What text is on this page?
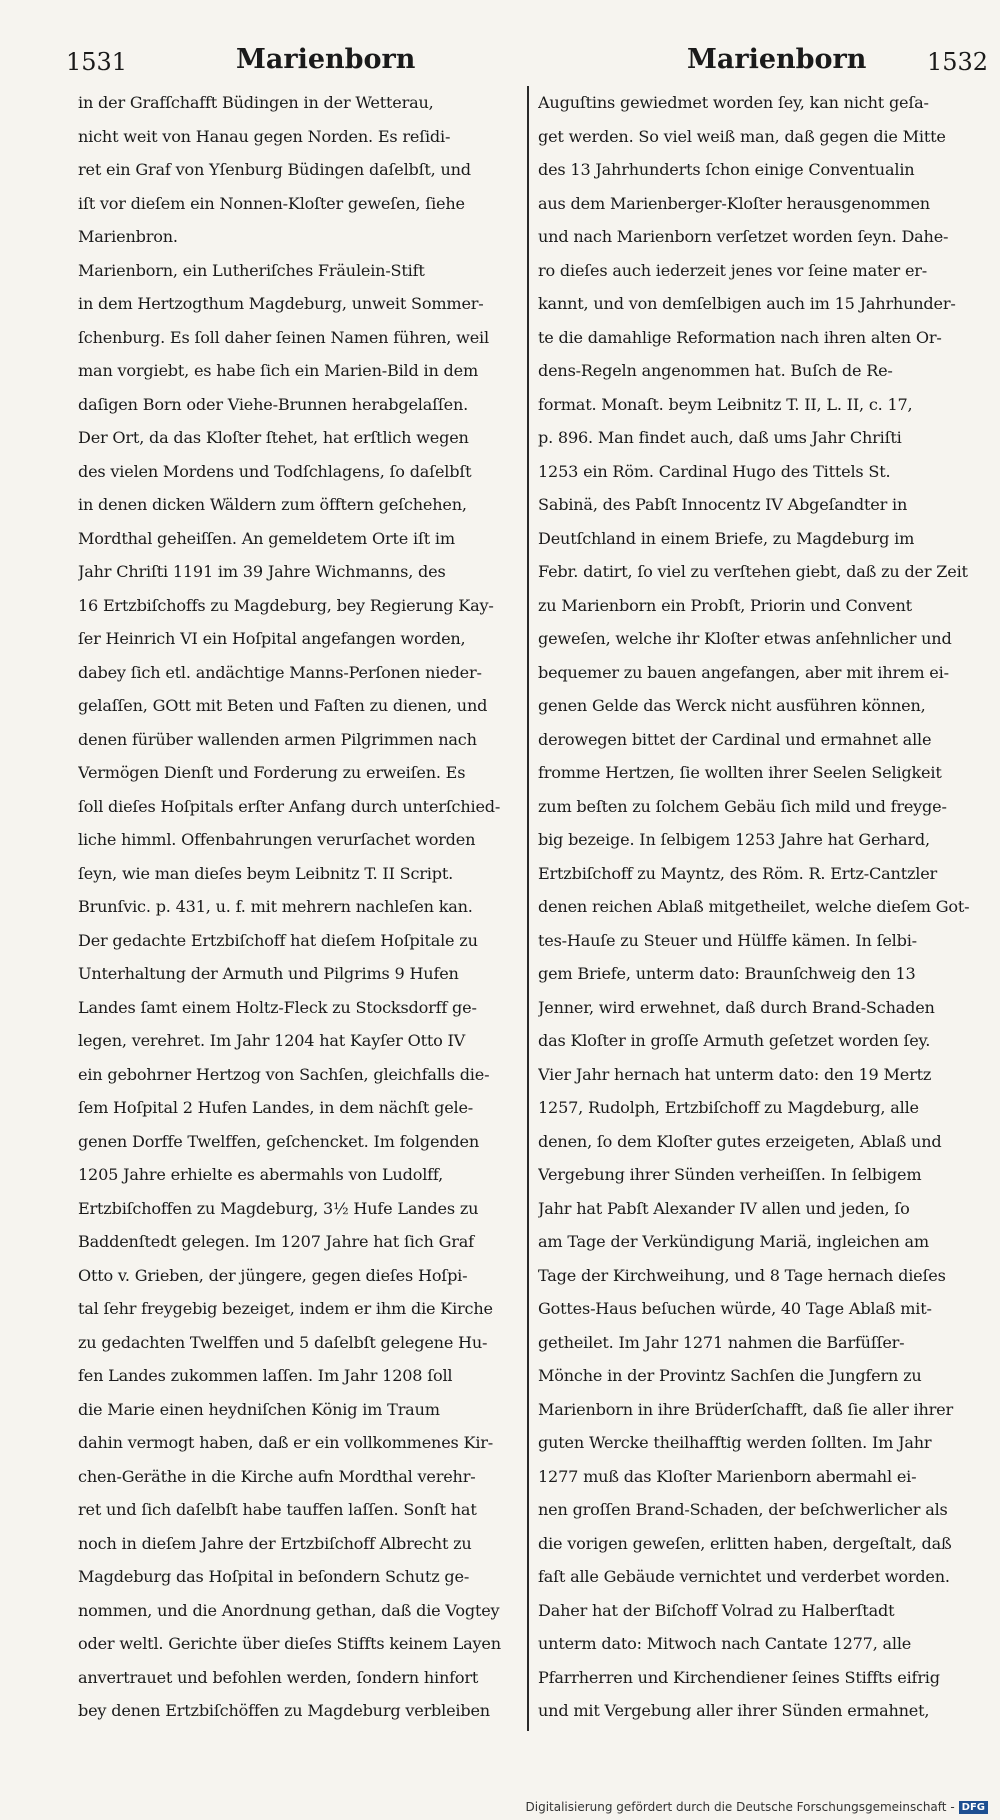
1531	Marienborn	Marienborn	1532
in der Grafſchafft Büdingen in der Wetterau,
nicht weit von Hanau gegen Norden. Es reſidi-
ret ein Graf von Yſenburg Büdingen daſelbſt, und
iſt vor dieſem ein Nonnen-Kloſter geweſen, ſiehe
Marienbron.
Marienborn, ein Lutheriſches Fräulein-Stift
in dem Hertzogthum Magdeburg, unweit Sommer-
ſchenburg. Es ſoll daher ſeinen Namen führen, weil
man vorgiebt, es habe ſich ein Marien-Bild in dem
daſigen Born oder Viehe-Brunnen herabgelaſſen.
Der Ort, da das Kloſter ſtehet, hat erſtlich wegen
des vielen Mordens und Todſchlagens, ſo daſelbſt
in denen dicken Wäldern zum öfftern geſchehen,
Mordthal geheiſſen. An gemeldetem Orte iſt im
Jahr Chriſti 1191 im 39 Jahre Wichmanns, des
16 Ertzbiſchoffs zu Magdeburg, bey Regierung Kay-
ſer Heinrich VI ein Hoſpital angefangen worden,
dabey ſich etl. andächtige Manns-Perſonen nieder-
gelaſſen, GOtt mit Beten und Faſten zu dienen, und
denen fürüber wallenden armen Pilgrimmen nach
Vermögen Dienſt und Forderung zu erweiſen. Es
ſoll dieſes Hoſpitals erſter Anfang durch unterſchied-
liche himml. Offenbahrungen verurſachet worden
ſeyn, wie man dieſes beym Leibnitz T. II Script.
Brunſvic. p. 431, u. f. mit mehrern nachleſen kan.
Der gedachte Ertzbiſchoff hat dieſem Hoſpitale zu
Unterhaltung der Armuth und Pilgrims 9 Hufen
Landes ſamt einem Holtz-Fleck zu Stocksdorff ge-
legen, verehret. Im Jahr 1204 hat Kayſer Otto IV
ein gebohrner Hertzog von Sachſen, gleichfalls die-
ſem Hoſpital 2 Hufen Landes, in dem nächſt gele-
genen Dorffe Twelffen, geſchencket. Im folgenden
1205 Jahre erhielte es abermahls von Ludolff,
Ertzbiſchoffen zu Magdeburg, 3½ Hufe Landes zu
Baddenſtedt gelegen. Im 1207 Jahre hat ſich Graf
Otto v. Grieben, der jüngere, gegen dieſes Hoſpi-
tal ſehr freygebig bezeiget, indem er ihm die Kirche
zu gedachten Twelffen und 5 daſelbſt gelegene Hu-
fen Landes zukommen laſſen. Im Jahr 1208 ſoll
die Marie einen heydniſchen König im Traum
dahin vermogt haben, daß er ein vollkommenes Kir-
chen-Geräthe in die Kirche aufn Mordthal verehr-
ret und ſich daſelbſt habe tauffen laſſen. Sonſt hat
noch in dieſem Jahre der Ertzbiſchoff Albrecht zu
Magdeburg das Hoſpital in beſondern Schutz ge-
nommen, und die Anordnung gethan, daß die Vogtey
oder weltl. Gerichte über dieſes Stiffts keinem Layen
anvertrauet und befohlen werden, ſondern hinfort
bey denen Ertzbiſchöffen zu Magdeburg verbleiben
Auguſtins gewiedmet worden ſey, kan nicht geſa-
get werden. So viel weiß man, daß gegen die Mitte
des 13 Jahrhunderts ſchon einige Conventualin
aus dem Marienberger-Kloſter herausgenommen
und nach Marienborn verſetzet worden ſeyn. Dahe-
ro dieſes auch iederzeit jenes vor ſeine mater er-
kannt, und von demſelbigen auch im 15 Jahrhunder-
te die damahlige Reformation nach ihren alten Or-
dens-Regeln angenommen hat. Buſch de Re-
format. Monaſt. beym Leibnitz T. II, L. II, c. 17,
p. 896. Man findet auch, daß ums Jahr Chriſti
1253 ein Röm. Cardinal Hugo des Tittels St.
Sabinä, des Pabſt Innocentz IV Abgeſandter in
Deutſchland in einem Briefe, zu Magdeburg im
Febr. datirt, ſo viel zu verſtehen giebt, daß zu der Zeit
zu Marienborn ein Probſt, Priorin und Convent
geweſen, welche ihr Kloſter etwas anſehnlicher und
bequemer zu bauen angefangen, aber mit ihrem ei-
genen Gelde das Werck nicht ausführen können,
derowegen bittet der Cardinal und ermahnet alle
fromme Hertzen, ſie wollten ihrer Seelen Seligkeit
zum beſten zu ſolchem Gebäu ſich mild und freyge-
big bezeige. In ſelbigem 1253 Jahre hat Gerhard,
Ertzbiſchoff zu Mayntz, des Röm. R. Ertz-Cantzler
denen reichen Ablaß mitgetheilet, welche dieſem Got-
tes-Hauſe zu Steuer und Hülffe kämen. In ſelbi-
gem Briefe, unterm dato: Braunſchweig den 13
Jenner, wird erwehnet, daß durch Brand-Schaden
das Kloſter in groſſe Armuth geſetzet worden ſey.
Vier Jahr hernach hat unterm dato: den 19 Mertz
1257, Rudolph, Ertzbiſchoff zu Magdeburg, alle
denen, ſo dem Kloſter gutes erzeigeten, Ablaß und
Vergebung ihrer Sünden verheiſſen. In ſelbigem
Jahr hat Pabſt Alexander IV allen und jeden, ſo
am Tage der Verkündigung Mariä, ingleichen am
Tage der Kirchweihung, und 8 Tage hernach dieſes
Gottes-Haus beſuchen würde, 40 Tage Ablaß mit-
getheilet. Im Jahr 1271 nahmen die Barfüſſer-
Mönche in der Provintz Sachſen die Jungfern zu
Marienborn in ihre Brüderſchafft, daß ſie aller ihrer
guten Wercke theilhafftig werden ſollten. Im Jahr
1277 muß das Kloſter Marienborn abermahl ei-
nen groſſen Brand-Schaden, der beſchwerlicher als
die vorigen geweſen, erlitten haben, dergeſtalt, daß
faſt alle Gebäude vernichtet und verderbet worden.
Daher hat der Biſchoff Volrad zu Halberſtadt
unterm dato: Mitwoch nach Cantate 1277, alle
Pfarrherren und Kirchendiener ſeines Stiffts eifrig
und mit Vergebung aller ihrer Sünden ermahnet,
Digitalisierung gefördert durch die Deutsche Forschungsgemeinschaft - DFG
